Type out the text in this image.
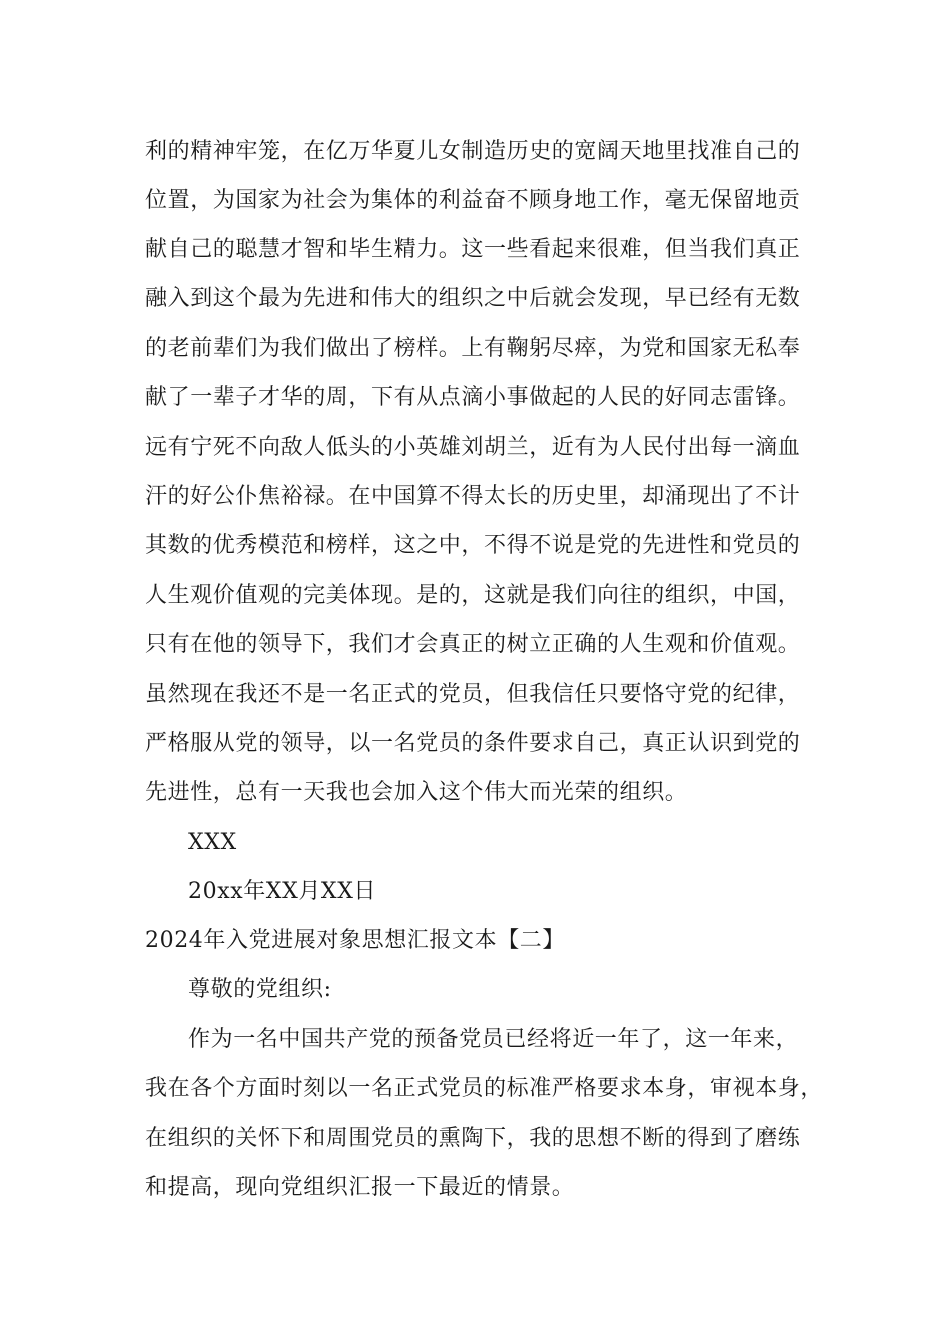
利的精神牢笼，在亿万华夏儿女制造历史的宽阔天地里找准自己的
位置，为国家为社会为集体的利益奋不顾身地工作，毫无保留地贡
献自己的聪慧才智和毕生精力。这一些看起来很难，但当我们真正
融入到这个最为先进和伟大的组织之中后就会发现，早已经有无数
的老前辈们为我们做出了榜样。上有鞠躬尽瘁，为党和国家无私奉
献了一辈子才华的周，下有从点滴小事做起的人民的好同志雷锋。
远有宁死不向敌人低头的小英雄刘胡兰，近有为人民付出每一滴血
汗的好公仆焦裕禄。在中国算不得太长的历史里，却涌现出了不计
其数的优秀模范和榜样，这之中，不得不说是党的先进性和党员的
人生观价值观的完美体现。是的，这就是我们向往的组织，中国，
只有在他的领导下，我们才会真正的树立正确的人生观和价值观。
虽然现在我还不是一名正式的党员，但我信任只要恪守党的纪律，
严格服从党的领导，以一名党员的条件要求自己，真正认识到党的
先进性，总有一天我也会加入这个伟大而光荣的组织。
XXX
20xx年XX月XX日
2024年入党进展对象思想汇报文本【二】
尊敬的党组织:
作为一名中国共产党的预备党员已经将近一年了，这一年来，
我在各个方面时刻以一名正式党员的标准严格要求本身，审视本身，
在组织的关怀下和周围党员的熏陶下，我的思想不断的得到了磨练
和提高，现向党组织汇报一下最近的情景。
